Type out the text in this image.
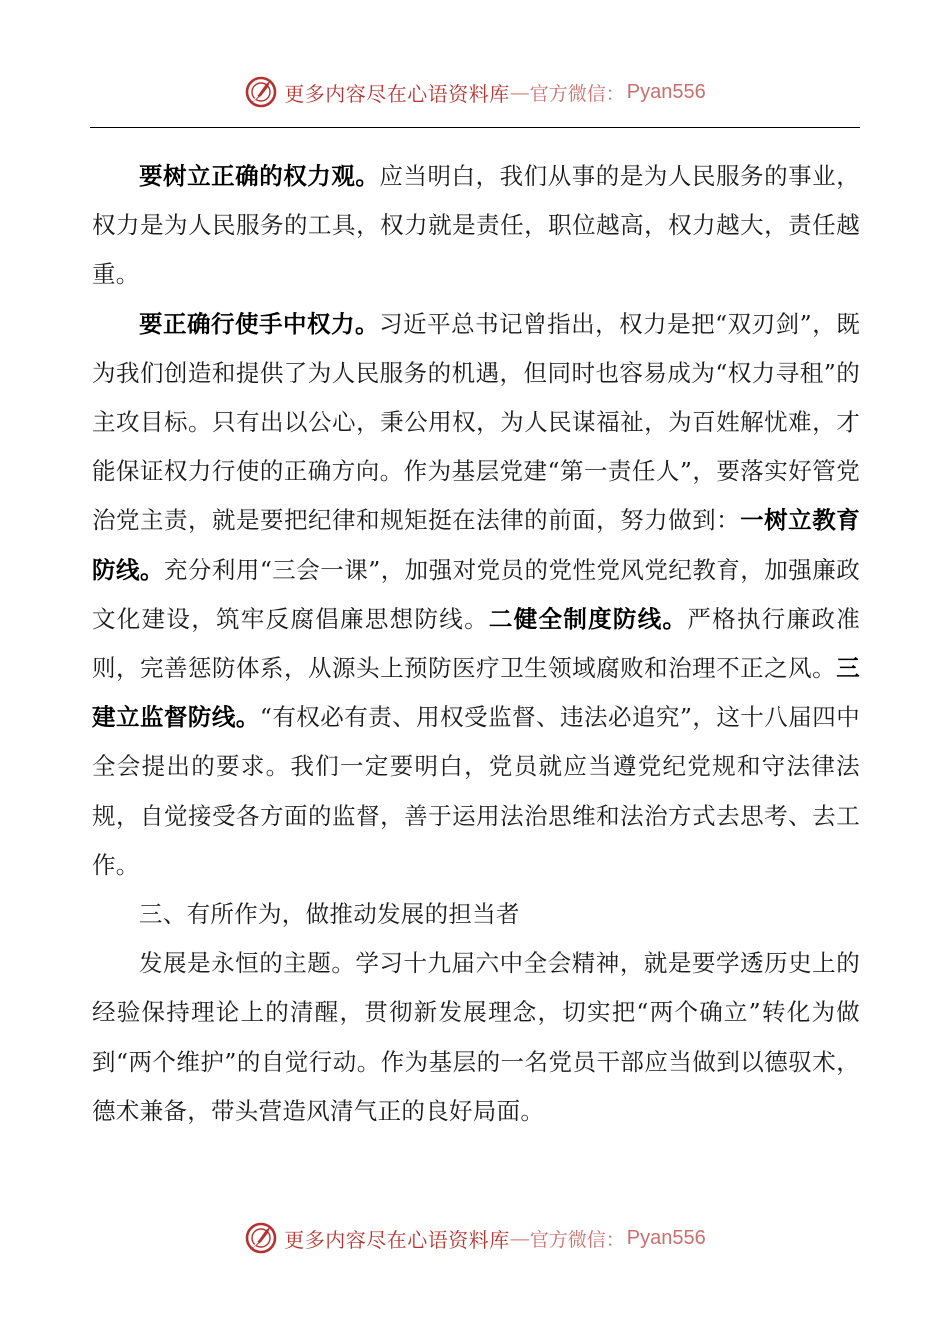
更多内容尽在心语资料库 — 官方微信： Pyan556

要树立正确的权力观。应当明白，我们从事的是为人民服务的事业，权力是为人民服务的工具，权力就是责任，职位越高，权力越大，责任越重。

要正确行使手中权力。习近平总书记曾指出，权力是把“双刃剑”，既为我们创造和提供了为人民服务的机遇，但同时也容易成为“权力寻租”的主攻目标。只有出以公心，秉公用权，为人民谋福祉，为百姓解忧难，才能保证权力行使的正确方向。作为基层党建“第一责任人”，要落实好管党治党主责，就是要把纪律和规矩挺在法律的前面，努力做到：一树立教育防线。充分利用“三会一课”，加强对党员的党性党风党纪教育，加强廉政文化建设，筑牢反腐倡廉思想防线。二健全制度防线。严格执行廉政准则，完善惩防体系，从源头上预防医疗卫生领域腐败和治理不正之风。三建立监督防线。“有权必有责、用权受监督、违法必追究”，这十八届四中全会提出的要求。我们一定要明白，党员就应当遵党纪党规和守法律法规，自觉接受各方面的监督，善于运用法治思维和法治方式去思考、去工作。

三、有所作为，做推动发展的担当者

发展是永恒的主题。学习十九届六中全会精神，就是要学透历史上的经验保持理论上的清醒，贯彻新发展理念，切实把“两个确立”转化为做到“两个维护”的自觉行动。作为基层的一名党员干部应当做到以德驭术，德术兼备，带头营造风清气正的良好局面。

更多内容尽在心语资料库 — 官方微信： Pyan556
